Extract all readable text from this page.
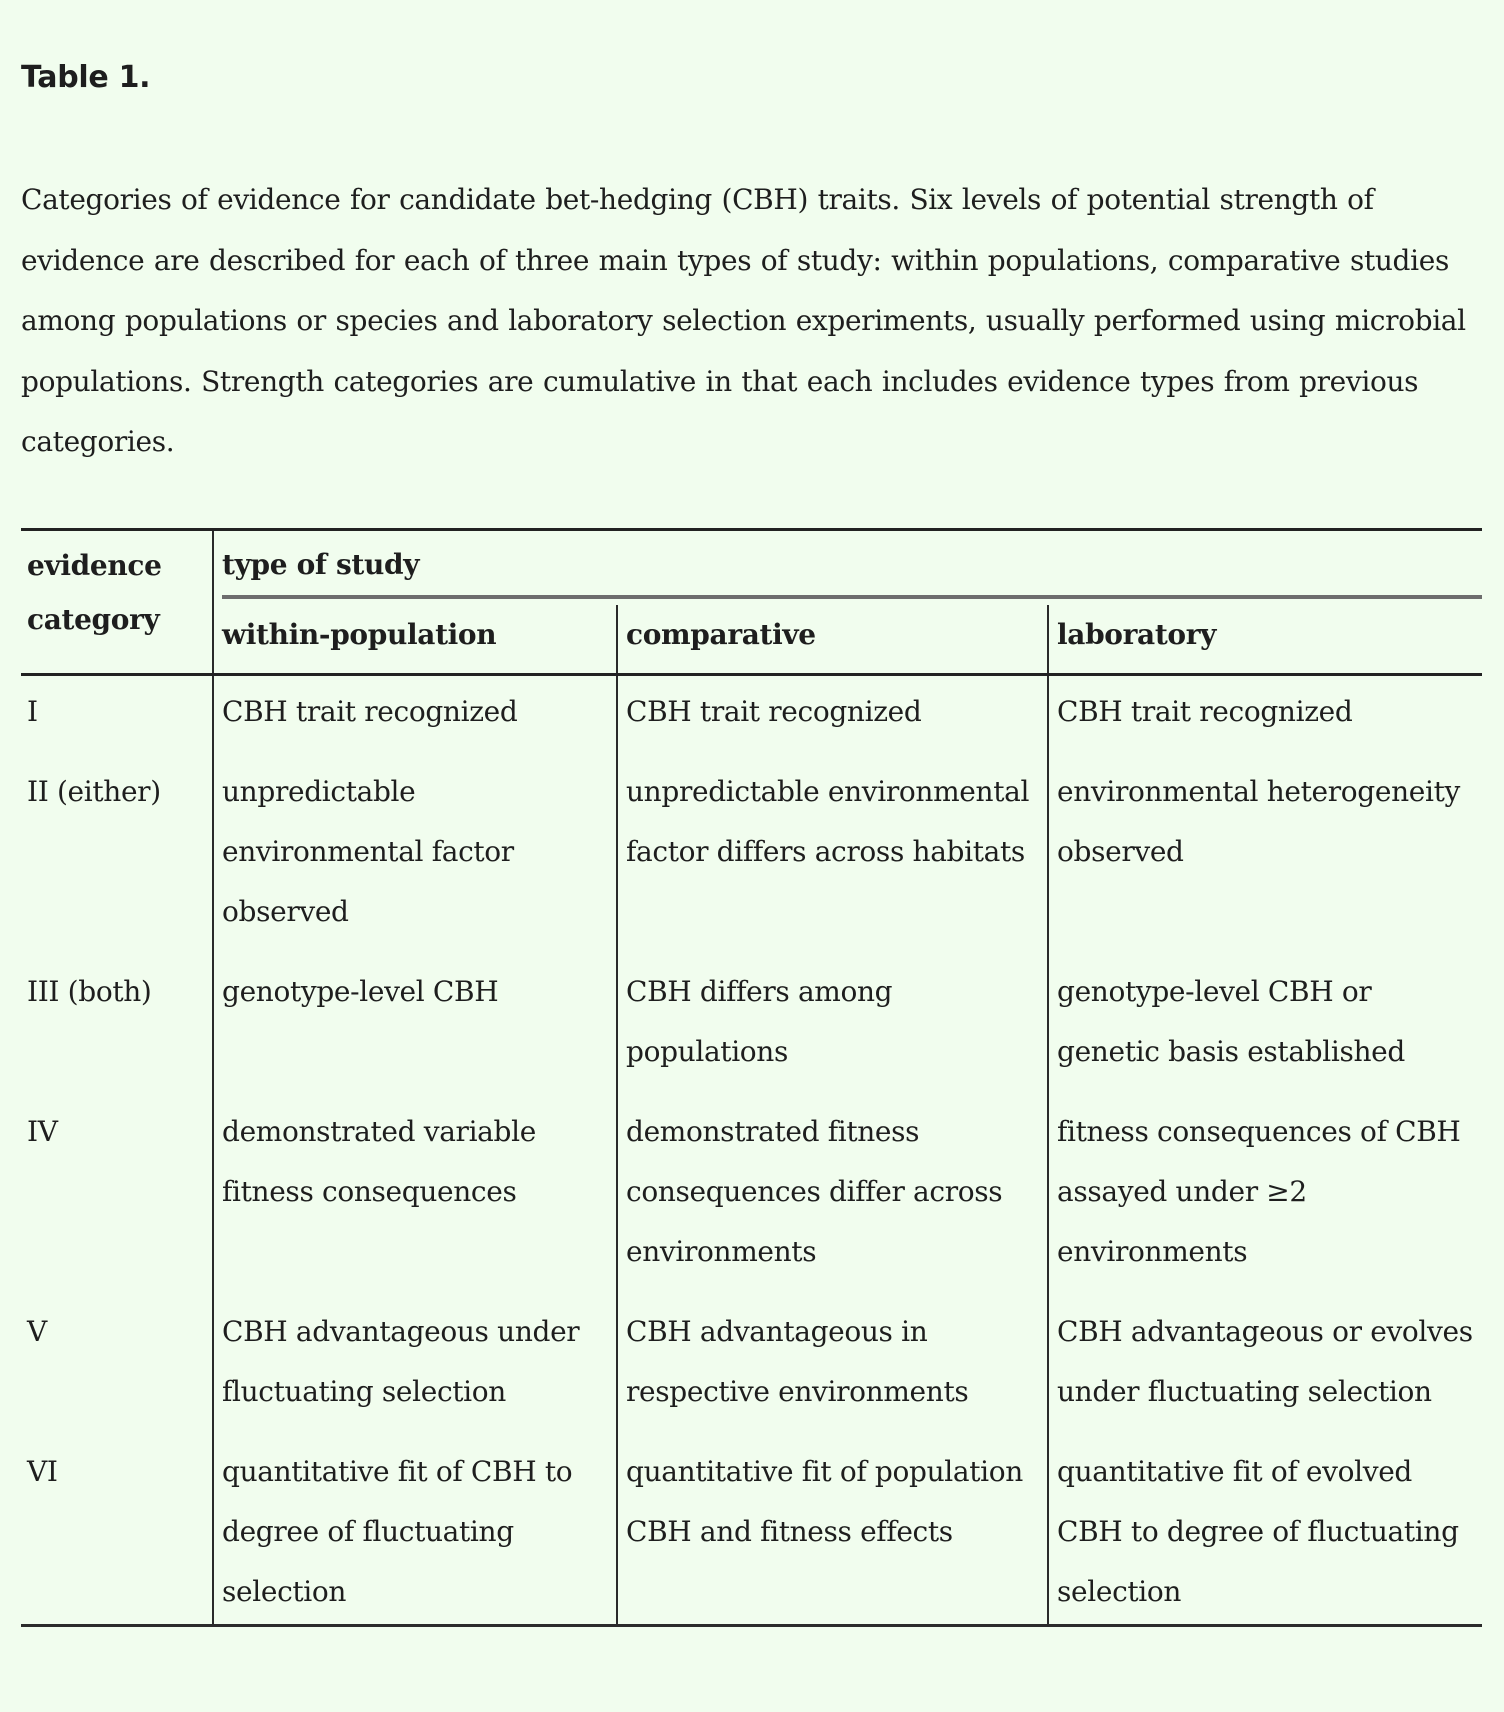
Table 1.

Categories of evidence for candidate bet-hedging (CBH) traits. Six levels of potential strength of evidence are described for each of three main types of study: within populations, comparative studies among populations or species and laboratory selection experiments, usually performed using microbial populations. Strength categories are cumulative in that each includes evidence types from previous categories.

evidence
category	type of study		

	within-population	comparative	laboratory
I	CBH trait recognized	CBH trait recognized	CBH trait recognized
II (either)	unpredictable environmental factor observed	unpredictable environmental factor differs across habitats	environmental heterogeneity observed
III (both)	genotype-level CBH	CBH differs among populations	genotype-level CBH or genetic basis established
IV	demonstrated variable fitness consequences	demonstrated fitness consequences differ across environments	fitness consequences of CBH assayed under ≥2 environments
V	CBH advantageous under fluctuating selection	CBH advantageous in respective environments	CBH advantageous or evolves under fluctuating selection
VI	quantitative fit of CBH to degree of fluctuating selection	quantitative fit of population CBH and fitness effects	quantitative fit of evolved CBH to degree of fluctuating selection
